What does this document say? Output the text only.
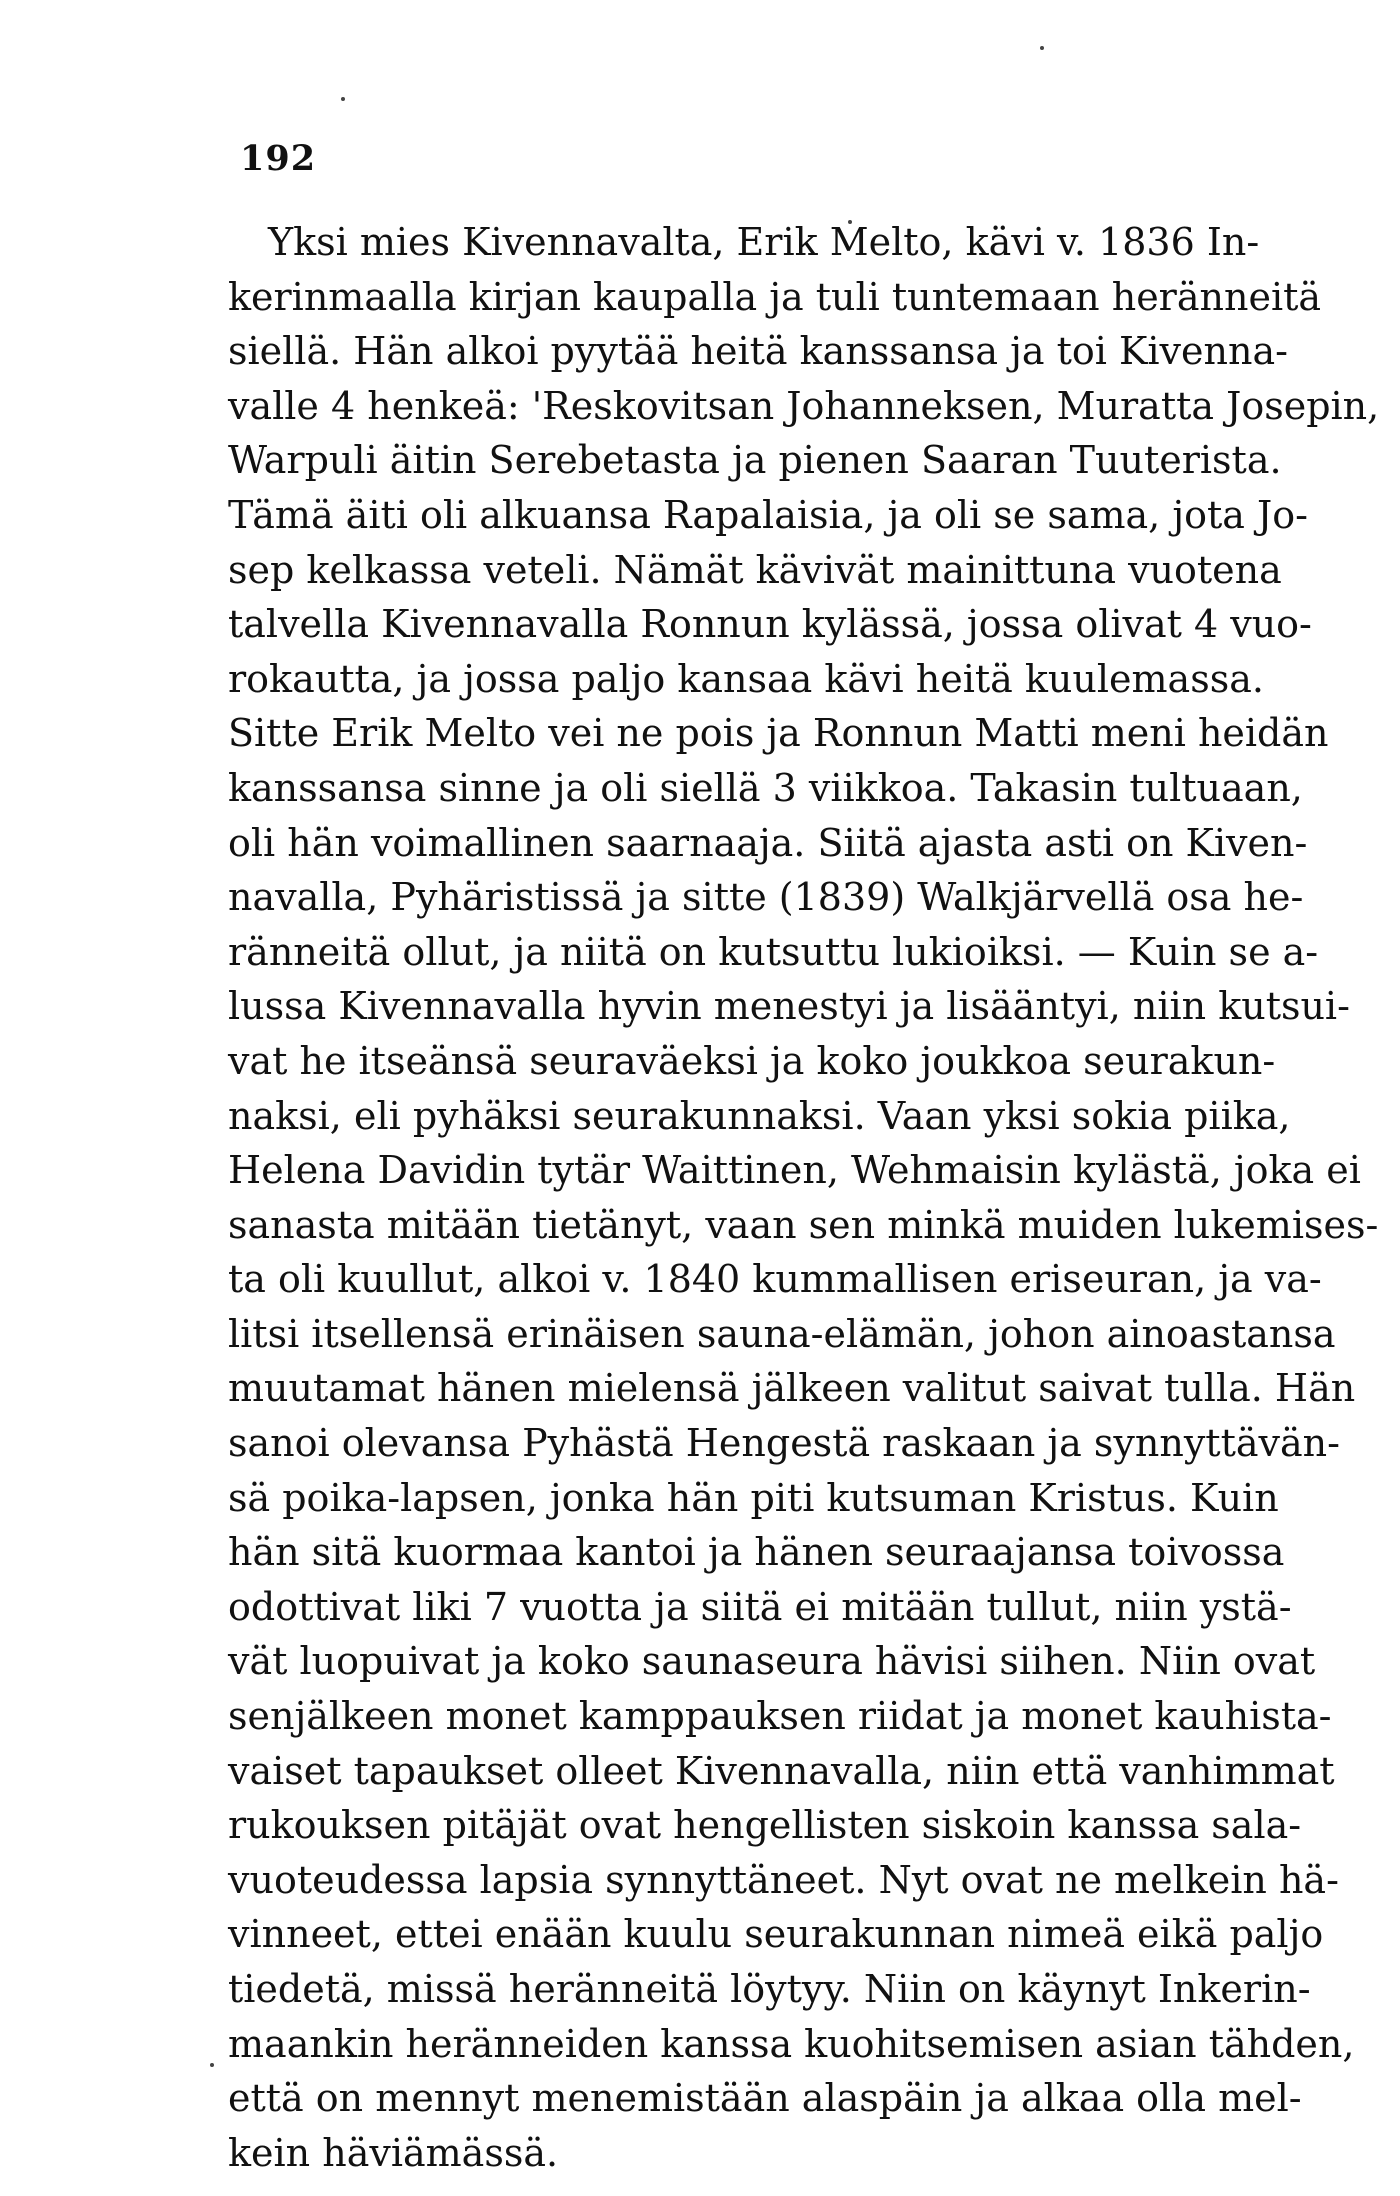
192
Yksi mies Kivennavalta, Erik Melto, kävi v. 1836 In-
kerinmaalla kirjan kaupalla ja tuli tuntemaan heränneitä
siellä. Hän alkoi pyytää heitä kanssansa ja toi Kivenna-
valle 4 henkeä: 'Reskovitsan Johanneksen, Muratta Josepin,
Warpuli äitin Serebetasta ja pienen Saaran Tuuterista.
Tämä äiti oli alkuansa Rapalaisia, ja oli se sama, jota Jo-
sep kelkassa veteli. Nämät kävivät mainittuna vuotena
talvella Kivennavalla Ronnun kylässä, jossa olivat 4 vuo-
rokautta, ja jossa paljo kansaa kävi heitä kuulemassa.
Sitte Erik Melto vei ne pois ja Ronnun Matti meni heidän
kanssansa sinne ja oli siellä 3 viikkoa. Takasin tultuaan,
oli hän voimallinen saarnaaja. Siitä ajasta asti on Kiven-
navalla, Pyhäristissä ja sitte (1839) Walkjärvellä osa he-
ränneitä ollut, ja niitä on kutsuttu lukioiksi. — Kuin se a-
lussa Kivennavalla hyvin menestyi ja lisääntyi, niin kutsui-
vat he itseänsä seuraväeksi ja koko joukkoa seurakun-
naksi, eli pyhäksi seurakunnaksi. Vaan yksi sokia piika,
Helena Davidin tytär Waittinen, Wehmaisin kylästä, joka ei
sanasta mitään tietänyt, vaan sen minkä muiden lukemises-
ta oli kuullut, alkoi v. 1840 kummallisen eriseuran, ja va-
litsi itsellensä erinäisen sauna-elämän, johon ainoastansa
muutamat hänen mielensä jälkeen valitut saivat tulla. Hän
sanoi olevansa Pyhästä Hengestä raskaan ja synnyttävän-
sä poika-lapsen, jonka hän piti kutsuman Kristus. Kuin
hän sitä kuormaa kantoi ja hänen seuraajansa toivossa
odottivat liki 7 vuotta ja siitä ei mitään tullut, niin ystä-
vät luopuivat ja koko saunaseura hävisi siihen. Niin ovat
senjälkeen monet kamppauksen riidat ja monet kauhista-
vaiset tapaukset olleet Kivennavalla, niin että vanhimmat
rukouksen pitäjät ovat hengellisten siskoin kanssa sala-
vuoteudessa lapsia synnyttäneet. Nyt ovat ne melkein hä-
vinneet, ettei enään kuulu seurakunnan nimeä eikä paljo
tiedetä, missä heränneitä löytyy. Niin on käynyt Inkerin-
maankin heränneiden kanssa kuohitsemisen asian tähden,
että on mennyt menemistään alaspäin ja alkaa olla mel-
kein häviämässä.
